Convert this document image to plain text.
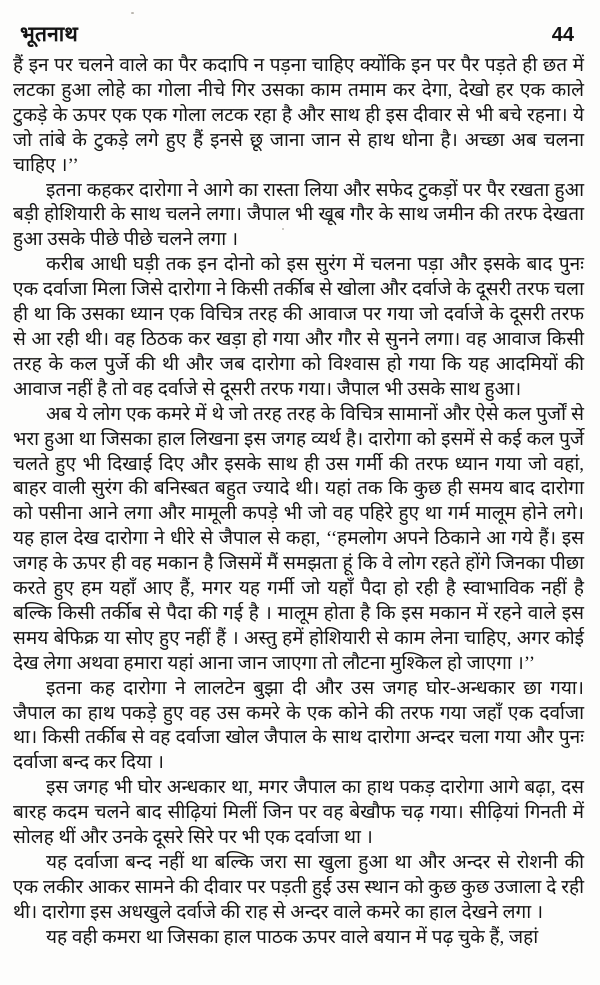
भूतनाथ	44

हैं इन पर चलने वाले का पैर कदापि न पड़ना चाहिए क्योंकि इन पर पैर पड़ते ही छत में लटका हुआ लोहे का गोला नीचे गिर उसका काम तमाम कर देगा, देखो हर एक काले टुकड़े के ऊपर एक एक गोला लटक रहा है और साथ ही इस दीवार से भी बचे रहना। ये जो तांबे के टुकड़े लगे हुए हैं इनसे छू जाना जान से हाथ धोना है। अच्छा अब चलना चाहिए ।’’

इतना कहकर दारोगा ने आगे का रास्ता लिया और सफेद टुकड़ों पर पैर रखता हुआ बड़ी होशियारी के साथ चलने लगा। जैपाल भी खूब गौर के साथ जमीन की तरफ देखता हुआ उसके पीछे पीछे चलने लगा ।

करीब आधी घड़ी तक इन दोनो को इस सुरंग में चलना पड़ा और इसके बाद पुनः एक दर्वाजा मिला जिसे दारोगा ने किसी तर्कीब से खोला और दर्वाजे के दूसरी तरफ चला ही था कि उसका ध्यान एक विचित्र तरह की आवाज पर गया जो दर्वाजे के दूसरी तरफ से आ रही थी। वह ठिठक कर खड़ा हो गया और गौर से सुनने लगा। वह आवाज किसी तरह के कल पुर्जे की थी और जब दारोगा को विश्वास हो गया कि यह आदमियों की आवाज नहीं है तो वह दर्वाजे से दूसरी तरफ गया। जैपाल भी उसके साथ हुआ।

अब ये लोग एक कमरे में थे जो तरह तरह के विचित्र सामानों और ऐसे कल पुर्जों से भरा हुआ था जिसका हाल लिखना इस जगह व्यर्थ है। दारोगा को इसमें से कई कल पुर्जे चलते हुए भी दिखाई दिए और इसके साथ ही उस गर्मी की तरफ ध्यान गया जो वहां, बाहर वाली सुरंग की बनिस्बत बहुत ज्यादे थी। यहां तक कि कुछ ही समय बाद दारोगा को पसीना आने लगा और मामूली कपड़े भी जो वह पहिरे हुए था गर्म मालूम होने लगे। यह हाल देख दारोगा ने धीरे से जैपाल से कहा, ‘‘हमलोग अपने ठिकाने आ गये हैं। इस जगह के ऊपर ही वह मकान है जिसमें मैं समझता हूं कि वे लोग रहते होंगे जिनका पीछा करते हुए हम यहाँ आए हैं, मगर यह गर्मी जो यहाँ पैदा हो रही है स्वाभाविक नहीं है बल्कि किसी तर्कीब से पैदा की गई है । मालूम होता है कि इस मकान में रहने वाले इस समय बेफिक्र या सोए हुए नहीं हैं । अस्तु हमें होशियारी से काम लेना चाहिए, अगर कोई देख लेगा अथवा हमारा यहां आना जान जाएगा तो लौटना मुश्किल हो जाएगा ।’’

इतना कह दारोगा ने लालटेन बुझा दी और उस जगह घोर-अन्धकार छा गया। जैपाल का हाथ पकड़े हुए वह उस कमरे के एक कोने की तरफ गया जहाँ एक दर्वाजा था। किसी तर्कीब से वह दर्वाजा खोल जैपाल के साथ दारोगा अन्दर चला गया और पुनः दर्वाजा बन्द कर दिया ।

इस जगह भी घोर अन्धकार था, मगर जैपाल का हाथ पकड़ दारोगा आगे बढ़ा, दस बारह कदम चलने बाद सीढ़ियां मिलीं जिन पर वह बेखौफ चढ़ गया। सीढ़ियां गिनती में सोलह थीं और उनके दूसरे सिरे पर भी एक दर्वाजा था ।

यह दर्वाजा बन्द नहीं था बल्कि जरा सा खुला हुआ था और अन्दर से रोशनी की एक लकीर आकर सामने की दीवार पर पड़ती हुई उस स्थान को कुछ कुछ उजाला दे रही थी। दारोगा इस अधखुले दर्वाजे की राह से अन्दर वाले कमरे का हाल देखने लगा ।

यह वही कमरा था जिसका हाल पाठक ऊपर वाले बयान में पढ़ चुके हैं, जहां
